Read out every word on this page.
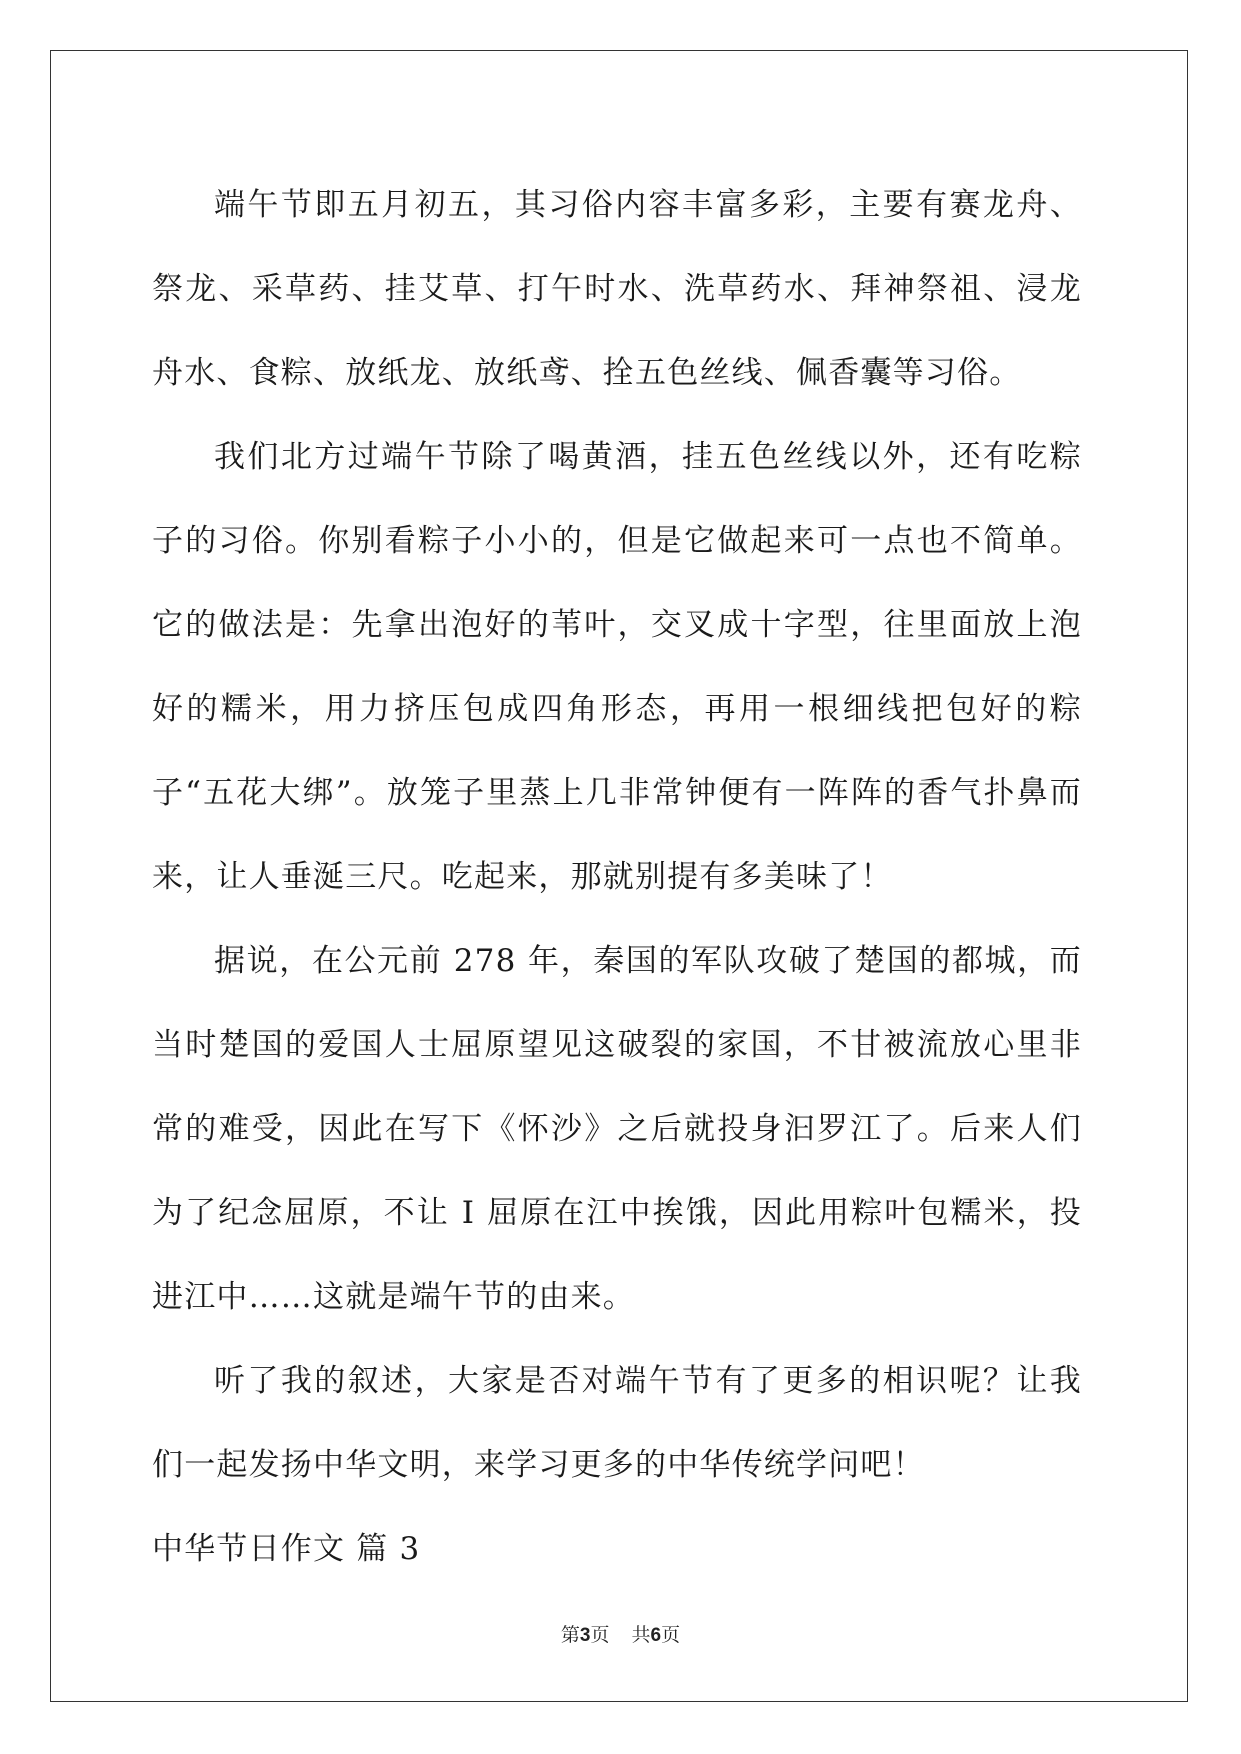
端午节即五月初五，其习俗内容丰富多彩，主要有赛龙舟、祭龙、采草药、挂艾草、打午时水、洗草药水、拜神祭祖、浸龙舟水、食粽、放纸龙、放纸鸢、拴五色丝线、佩香囊等习俗。

我们北方过端午节除了喝黄酒，挂五色丝线以外，还有吃粽子的习俗。你别看粽子小小的，但是它做起来可一点也不简单。它的做法是：先拿出泡好的苇叶，交叉成十字型，往里面放上泡好的糯米，用力挤压包成四角形态，再用一根细线把包好的粽子“五花大绑”。放笼子里蒸上几非常钟便有一阵阵的香气扑鼻而来，让人垂涎三尺。吃起来，那就别提有多美味了！

据说，在公元前 278 年，秦国的军队攻破了楚国的都城，而当时楚国的爱国人士屈原望见这破裂的家国，不甘被流放心里非常的难受，因此在写下《怀沙》之后就投身汩罗江了。后来人们为了纪念屈原，不让 I 屈原在江中挨饿，因此用粽叶包糯米，投进江中……这就是端午节的由来。

听了我的叙述，大家是否对端午节有了更多的相识呢？让我们一起发扬中华文明，来学习更多的中华传统学问吧！

中华节日作文 篇 3

第3页 共6页
